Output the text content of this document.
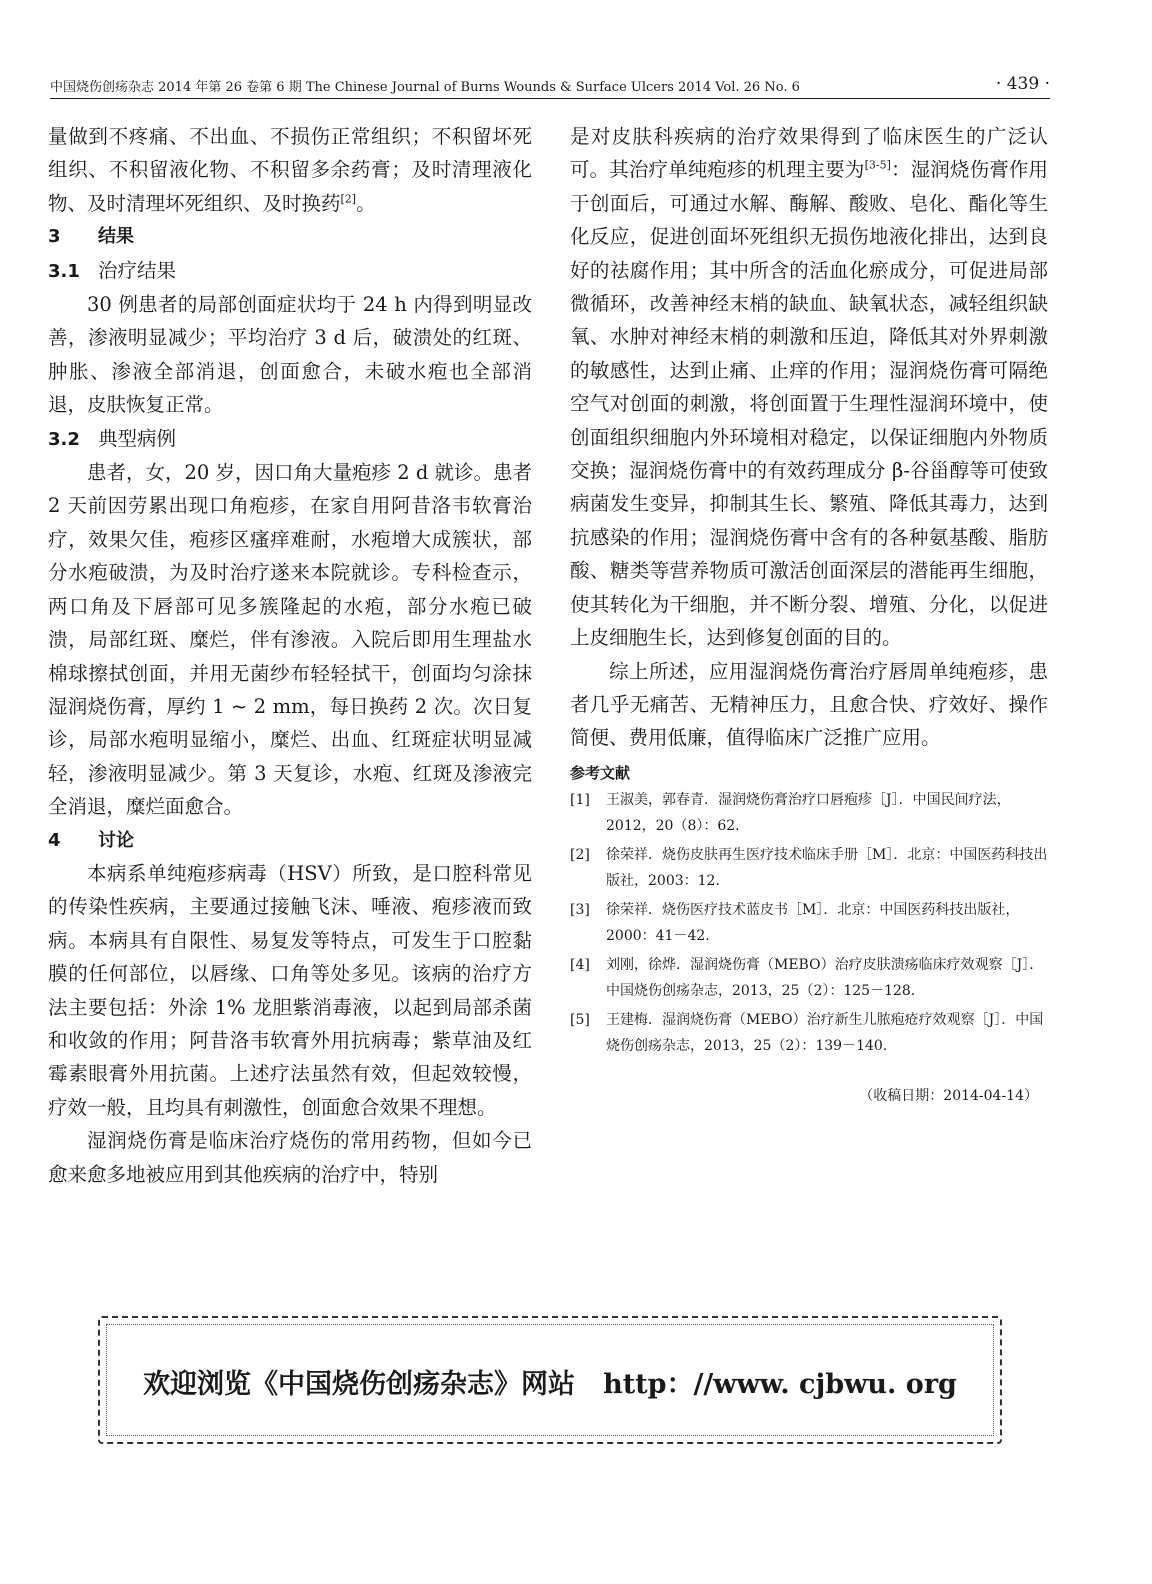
中国烧伤创疡杂志 2014 年第 26 卷第 6 期 The Chinese Journal of Burns Wounds & Surface Ulcers 2014 Vol. 26 No. 6	· 439 ·

量做到不疼痛、不出血、不损伤正常组织；不积留坏死组织、不积留液化物、不积留多余药膏；及时清理液化物、及时清理坏死组织、及时换药[2]。

3 结果
3.1 治疗结果

30 例患者的局部创面症状均于 24 h 内得到明显改善，渗液明显减少；平均治疗 3 d 后，破溃处的红斑、肿胀、渗液全部消退，创面愈合，未破水疱也全部消退，皮肤恢复正常。

3.2 典型病例

患者，女，20 岁，因口角大量疱疹 2 d 就诊。患者 2 天前因劳累出现口角疱疹，在家自用阿昔洛韦软膏治疗，效果欠佳，疱疹区瘙痒难耐，水疱增大成簇状，部分水疱破溃，为及时治疗遂来本院就诊。专科检查示，两口角及下唇部可见多簇隆起的水疱，部分水疱已破溃，局部红斑、糜烂，伴有渗液。入院后即用生理盐水棉球擦拭创面，并用无菌纱布轻轻拭干，创面均匀涂抹湿润烧伤膏，厚约 1 ~ 2 mm，每日换药 2 次。次日复诊，局部水疱明显缩小，糜烂、出血、红斑症状明显减轻，渗液明显减少。第 3 天复诊，水疱、红斑及渗液完全消退，糜烂面愈合。

4 讨论

本病系单纯疱疹病毒（HSV）所致，是口腔科常见的传染性疾病，主要通过接触飞沫、唾液、疱疹液而致病。本病具有自限性、易复发等特点，可发生于口腔黏膜的任何部位，以唇缘、口角等处多见。该病的治疗方法主要包括：外涂 1% 龙胆紫消毒液，以起到局部杀菌和收敛的作用；阿昔洛韦软膏外用抗病毒；紫草油及红霉素眼膏外用抗菌。上述疗法虽然有效，但起效较慢，疗效一般，且均具有刺激性，创面愈合效果不理想。

湿润烧伤膏是临床治疗烧伤的常用药物，但如今已愈来愈多地被应用到其他疾病的治疗中，特别

是对皮肤科疾病的治疗效果得到了临床医生的广泛认可。其治疗单纯疱疹的机理主要为[3-5]：湿润烧伤膏作用于创面后，可通过水解、酶解、酸败、皂化、酯化等生化反应，促进创面坏死组织无损伤地液化排出，达到良好的祛腐作用；其中所含的活血化瘀成分，可促进局部微循环，改善神经末梢的缺血、缺氧状态，减轻组织缺氧、水肿对神经末梢的刺激和压迫，降低其对外界刺激的敏感性，达到止痛、止痒的作用；湿润烧伤膏可隔绝空气对创面的刺激，将创面置于生理性湿润环境中，使创面组织细胞内外环境相对稳定，以保证细胞内外物质交换；湿润烧伤膏中的有效药理成分 β-谷甾醇等可使致病菌发生变异，抑制其生长、繁殖、降低其毒力，达到抗感染的作用；湿润烧伤膏中含有的各种氨基酸、脂肪酸、糖类等营养物质可激活创面深层的潜能再生细胞，使其转化为干细胞，并不断分裂、增殖、分化，以促进上皮细胞生长，达到修复创面的目的。

综上所述，应用湿润烧伤膏治疗唇周单纯疱疹，患者几乎无痛苦、无精神压力，且愈合快、疗效好、操作简便、费用低廉，值得临床广泛推广应用。

参考文献
[1] 王淑美，郭春青．湿润烧伤膏治疗口唇疱疹［J］．中国民间疗法，2012，20（8）：62.
[2] 徐荣祥．烧伤皮肤再生医疗技术临床手册［M］．北京：中国医药科技出版社，2003：12.
[3] 徐荣祥．烧伤医疗技术蓝皮书［M］．北京：中国医药科技出版社，2000：41－42.
[4] 刘刚，徐烨．湿润烧伤膏（MEBO）治疗皮肤溃疡临床疗效观察［J］．中国烧伤创疡杂志，2013，25（2）：125－128.
[5] 王建梅．湿润烧伤膏（MEBO）治疗新生儿脓疱疮疗效观察［J］．中国烧伤创疡杂志，2013，25（2）：139－140.
（收稿日期：2014-04-14）
欢迎浏览《中国烧伤创疡杂志》网站 http：//www. cjbwu. org
